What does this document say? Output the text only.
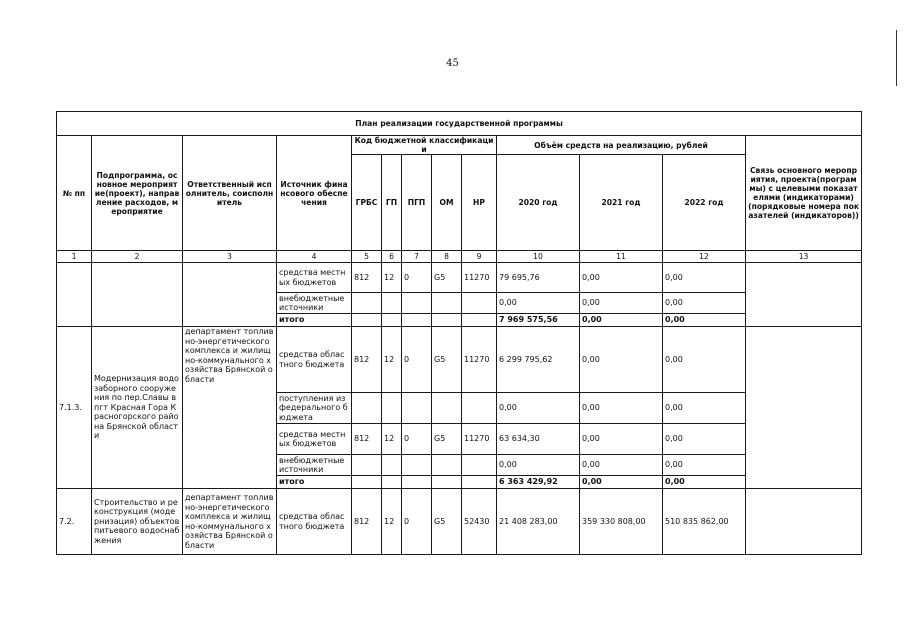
45
План реализации государственной программы												
№ пп	Подпрограмма, основное мероприятие(проект), направление расходов, мероприятие	Ответственный исполнитель, соисполнитель	Источник финансового обеспечения	Код бюджетной классификации					Объём средств на реализацию, рублей			Связь основного мероприятия, проекта(программы) с целевыми показателями (индикаторами) (порядковые номера показателей (индикаторов))
				ГРБС	ГП	ПГП	ОМ	НР	2020 год	2021 год	2022 год	
1	2	3	4	5	6	7	8	9	10	11	12	13
			средства местных бюджетов	812	12	0	G5	11270	79 695,76	0,00	0,00	
			внебюджетные источники						0,00	0,00	0,00	
			итого						7 969 575,56	0,00	0,00	
7.1.3.	Модернизация водозаборного сооружения по пер.Славы в пгт Красная Гора Красногорского района Брянской области	департамент топливно-энергетического комплекса и жилищно-коммунального хозяйства Брянской области	средства областного бюджета	812	12	0	G5	11270	6 299 795,62	0,00	0,00	
			поступления из федерального бюджета						0,00	0,00	0,00	
			средства местных бюджетов	812	12	0	G5	11270	63 634,30	0,00	0,00	
			внебюджетные источники						0,00	0,00	0,00	
			итого						6 363 429,92	0,00	0,00	
7.2.	Строительство и реконструкция (модернизация) объектов питьевого водоснабжения	департамент топливно-энергетического комплекса и жилищно-коммунального хозяйства Брянской области	средства областного бюджета	812	12	0	G5	52430	21 408 283,00	359 330 808,00	510 835 862,00	
